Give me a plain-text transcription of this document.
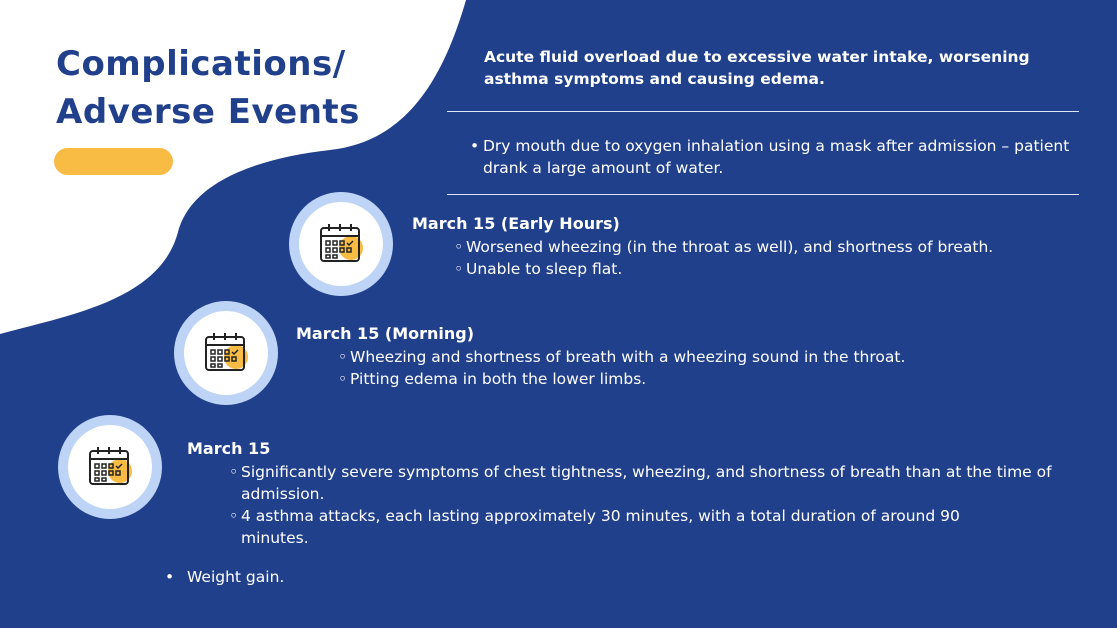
Complications/
Adverse Events
Acute fluid overload due to excessive water intake, worsening asthma symptoms and causing edema.
• Dry mouth due to oxygen inhalation using a mask after admission – patient drank a large amount of water.
March 15 (Early Hours)
◦ Worsened wheezing (in the throat as well), and shortness of breath.
◦ Unable to sleep flat.
March 15 (Morning)
◦ Wheezing and shortness of breath with a wheezing sound in the throat.
◦ Pitting edema in both the lower limbs.
March 15
◦ Significantly severe symptoms of chest tightness, wheezing, and shortness of breath than at the time of admission.
◦ 4 asthma attacks, each lasting approximately 30 minutes, with a total duration of around 90 minutes.
• Weight gain.
